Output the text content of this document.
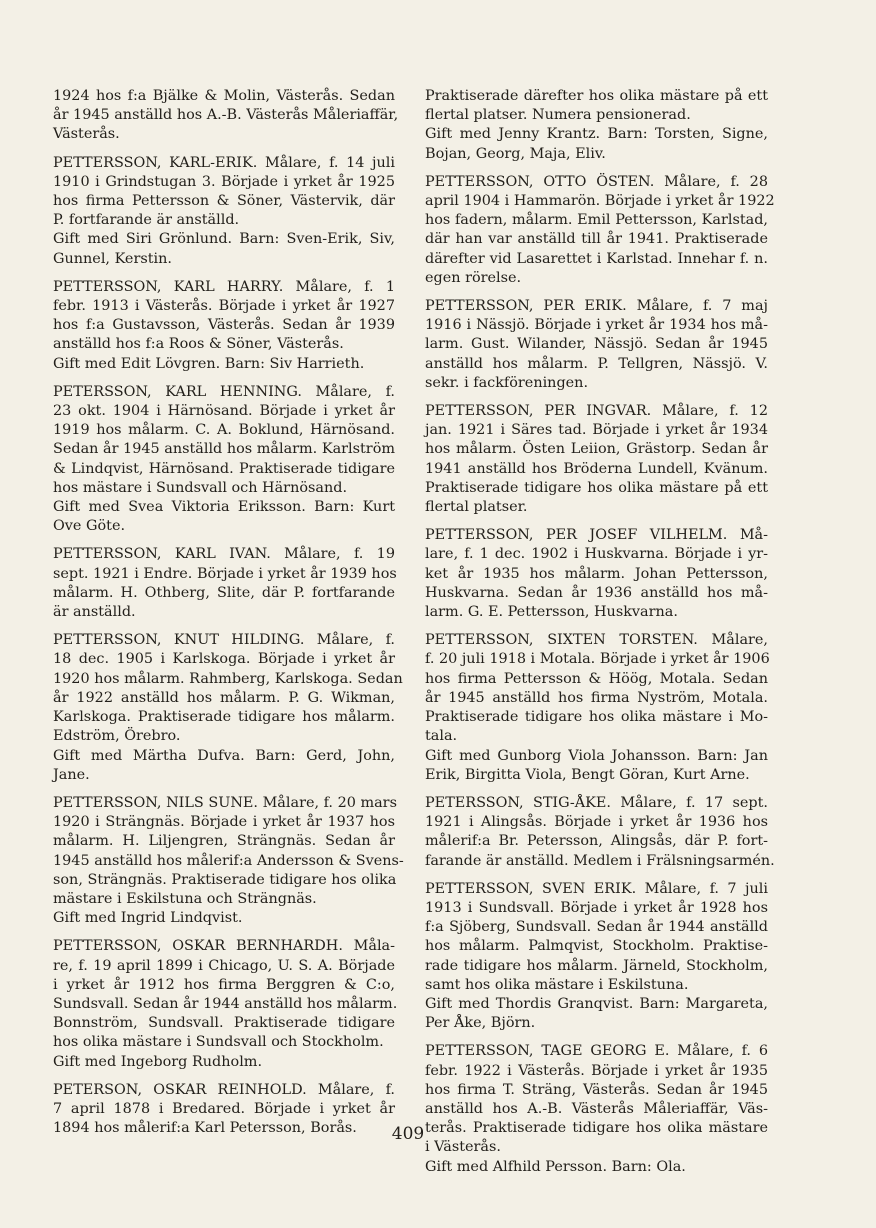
1924 hos f:a Bjälke & Molin, Västerås. Sedan
år 1945 anställd hos A.-B. Västerås Måleriaffär,
Västerås.
PETTERSSON, KARL-ERIK. Målare, f. 14 juli
1910 i Grindstugan 3. Började i yrket år 1925
hos firma Pettersson & Söner, Västervik, där
P. fortfarande är anställd.
Gift med Siri Grönlund. Barn: Sven-Erik, Siv,
Gunnel, Kerstin.
PETTERSSON, KARL HARRY. Målare, f. 1
febr. 1913 i Västerås. Började i yrket år 1927
hos f:a Gustavsson, Västerås. Sedan år 1939
anställd hos f:a Roos & Söner, Västerås.
Gift med Edit Lövgren. Barn: Siv Harrieth.
PETERSSON, KARL HENNING. Målare, f.
23 okt. 1904 i Härnösand. Började i yrket år
1919 hos målarm. C. A. Boklund, Härnösand.
Sedan år 1945 anställd hos målarm. Karlström
& Lindqvist, Härnösand. Praktiserade tidigare
hos mästare i Sundsvall och Härnösand.
Gift med Svea Viktoria Eriksson. Barn: Kurt
Ove Göte.
PETTERSSON, KARL IVAN. Målare, f. 19
sept. 1921 i Endre. Började i yrket år 1939 hos
målarm. H. Othberg, Slite, där P. fortfarande
är anställd.
PETTERSSON, KNUT HILDING. Målare, f.
18 dec. 1905 i Karlskoga. Började i yrket år
1920 hos målarm. Rahmberg, Karlskoga. Sedan
år 1922 anställd hos målarm. P. G. Wikman,
Karlskoga. Praktiserade tidigare hos målarm.
Edström, Örebro.
Gift med Märtha Dufva. Barn: Gerd, John,
Jane.
PETTERSSON, NILS SUNE. Målare, f. 20 mars
1920 i Strängnäs. Började i yrket år 1937 hos
målarm. H. Liljengren, Strängnäs. Sedan år
1945 anställd hos målerif:a Andersson & Svens-
son, Strängnäs. Praktiserade tidigare hos olika
mästare i Eskilstuna och Strängnäs.
Gift med Ingrid Lindqvist.
PETTERSSON, OSKAR BERNHARDH. Måla-
re, f. 19 april 1899 i Chicago, U. S. A. Började
i yrket år 1912 hos firma Berggren & C:o,
Sundsvall. Sedan år 1944 anställd hos målarm.
Bonnström, Sundsvall. Praktiserade tidigare
hos olika mästare i Sundsvall och Stockholm.
Gift med Ingeborg Rudholm.
PETERSON, OSKAR REINHOLD. Målare, f.
7 april 1878 i Bredared. Började i yrket år
1894 hos målerif:a Karl Petersson, Borås.
Praktiserade därefter hos olika mästare på ett
flertal platser. Numera pensionerad.
Gift med Jenny Krantz. Barn: Torsten, Signe,
Bojan, Georg, Maja, Eliv.
PETTERSSON, OTTO ÖSTEN. Målare, f. 28
april 1904 i Hammarön. Började i yrket år 1922
hos fadern, målarm. Emil Pettersson, Karlstad,
där han var anställd till år 1941. Praktiserade
därefter vid Lasarettet i Karlstad. Innehar f. n.
egen rörelse.
PETTERSSON, PER ERIK. Målare, f. 7 maj
1916 i Nässjö. Började i yrket år 1934 hos må-
larm. Gust. Wilander, Nässjö. Sedan år 1945
anställd hos målarm. P. Tellgren, Nässjö. V.
sekr. i fackföreningen.
PETTERSSON, PER INGVAR. Målare, f. 12
jan. 1921 i Säres tad. Började i yrket år 1934
hos målarm. Östen Leiion, Grästorp. Sedan år
1941 anställd hos Bröderna Lundell, Kvänum.
Praktiserade tidigare hos olika mästare på ett
flertal platser.
PETTERSSON, PER JOSEF VILHELM. Må-
lare, f. 1 dec. 1902 i Huskvarna. Började i yr-
ket år 1935 hos målarm. Johan Pettersson,
Huskvarna. Sedan år 1936 anställd hos må-
larm. G. E. Pettersson, Huskvarna.
PETTERSSON, SIXTEN TORSTEN. Målare,
f. 20 juli 1918 i Motala. Började i yrket år 1906
hos firma Pettersson & Höög, Motala. Sedan
år 1945 anställd hos firma Nyström, Motala.
Praktiserade tidigare hos olika mästare i Mo-
tala.
Gift med Gunborg Viola Johansson. Barn: Jan
Erik, Birgitta Viola, Bengt Göran, Kurt Arne.
PETERSSON, STIG-ÅKE. Målare, f. 17 sept.
1921 i Alingsås. Började i yrket år 1936 hos
målerif:a Br. Petersson, Alingsås, där P. fort-
farande är anställd. Medlem i Frälsningsarmén.
PETTERSSON, SVEN ERIK. Målare, f. 7 juli
1913 i Sundsvall. Började i yrket år 1928 hos
f:a Sjöberg, Sundsvall. Sedan år 1944 anställd
hos målarm. Palmqvist, Stockholm. Praktise-
rade tidigare hos målarm. Järneld, Stockholm,
samt hos olika mästare i Eskilstuna.
Gift med Thordis Granqvist. Barn: Margareta,
Per Åke, Björn.
PETTERSSON, TAGE GEORG E. Målare, f. 6
febr. 1922 i Västerås. Började i yrket år 1935
hos firma T. Sträng, Västerås. Sedan år 1945
anställd hos A.-B. Västerås Måleriaffär, Väs-
terås. Praktiserade tidigare hos olika mästare
i Västerås.
Gift med Alfhild Persson. Barn: Ola.
409
